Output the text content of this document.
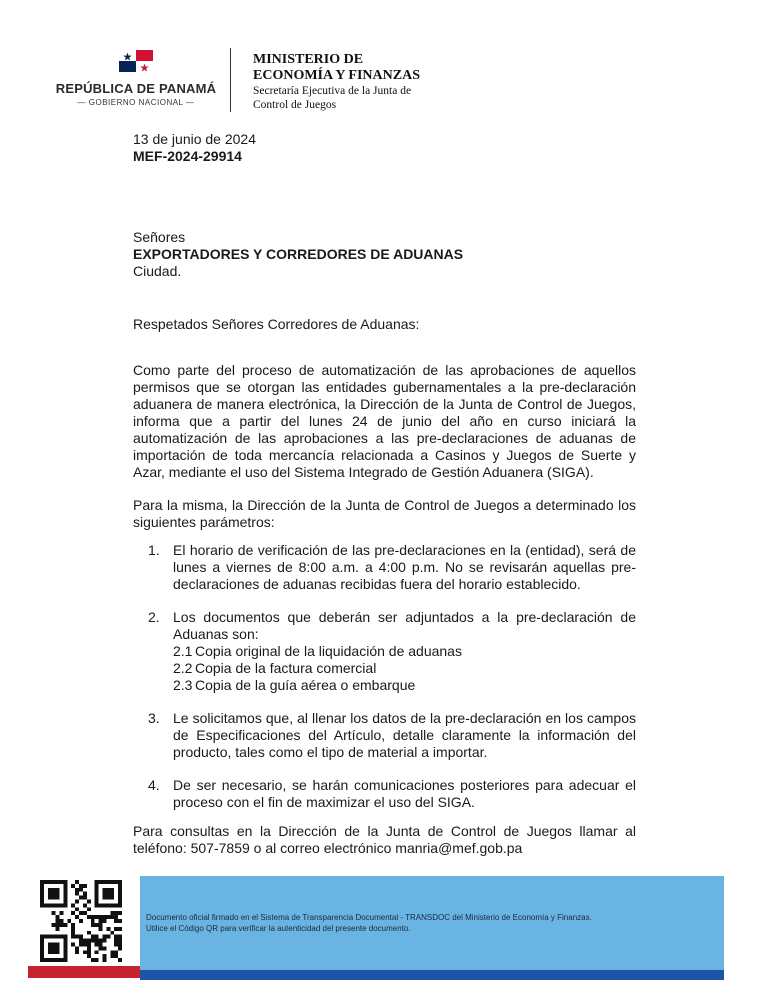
REPÚBLICA DE PANAMÁ
— GOBIERNO NACIONAL —
MINISTERIO DE
ECONOMÍA Y FINANZAS
Secretaría Ejecutiva de la Junta de
Control de Juegos
13 de junio de 2024
MEF-2024-29914
Señores
EXPORTADORES Y CORREDORES DE ADUANAS
Ciudad.
Respetados Señores Corredores de Aduanas:
Como parte del proceso de automatización de las aprobaciones de aquellos permisos que se otorgan las entidades gubernamentales a la pre-declaración aduanera de manera electrónica, la Dirección de la Junta de Control de Juegos, informa que a partir del lunes 24 de junio del año en curso iniciará la automatización de las aprobaciones a las pre-declaraciones de aduanas de importación de toda mercancía relacionada a Casinos y Juegos de Suerte y Azar, mediante el uso del Sistema Integrado de Gestión Aduanera (SIGA).
Para la misma, la Dirección de la Junta de Control de Juegos a determinado los siguientes parámetros:
1. El horario de verificación de las pre-declaraciones en la (entidad), será de lunes a viernes de 8:00 a.m. a 4:00 p.m. No se revisarán aquellas pre-declaraciones de aduanas recibidas fuera del horario establecido.
2. Los documentos que deberán ser adjuntados a la pre-declaración de Aduanas son:
2.1 Copia original de la liquidación de aduanas
2.2 Copia de la factura comercial
2.3 Copia de la guía aérea o embarque
3. Le solicitamos que, al llenar los datos de la pre-declaración en los campos de Especificaciones del Artículo, detalle claramente la información del producto, tales como el tipo de material a importar.
4. De ser necesario, se harán comunicaciones posteriores para adecuar el proceso con el fin de maximizar el uso del SIGA.
Para consultas en la Dirección de la Junta de Control de Juegos llamar al teléfono: 507-7859 o al correo electrónico manria@mef.gob.pa
Documento oficial firmado en el Sistema de Transparencia Documental - TRANSDOC del Ministerio de Economía y Finanzas.
Utilice el Código QR para verificar la autenticidad del presente documento.
